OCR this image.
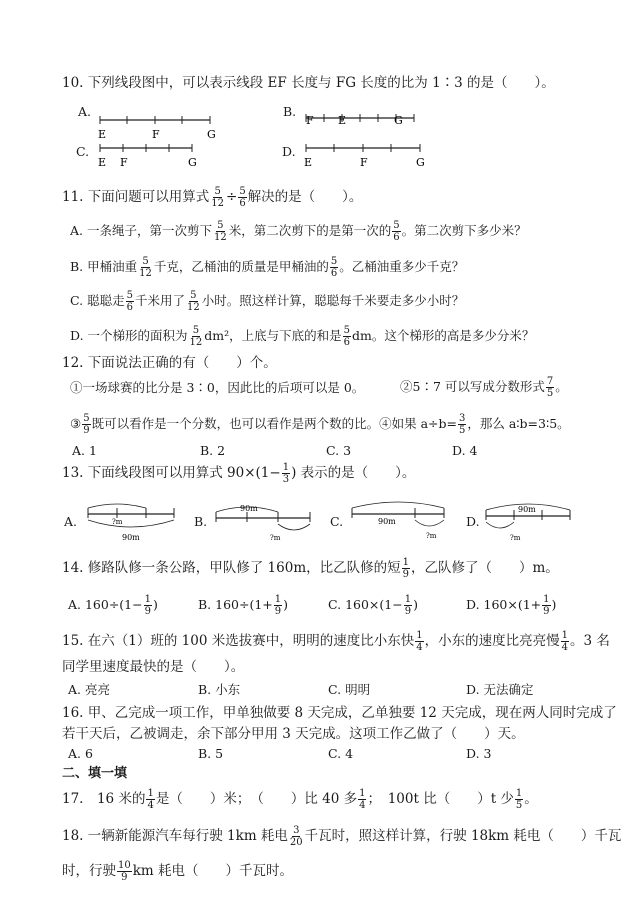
10. 下列线段图中，可以表示线段 EF 长度与 FG 长度的比为 1∶3 的是（　　）。
A.
E	F	G
B.
F E	G
C.
E F	G
D.
E	F	G
11. 下面问题可以用算式 $\frac{5}{12} \div \frac{5}{6}$ 解决的是（　　）。
A. 一条绳子，第一次剪下 $\frac{5}{12}$ 米，第二次剪下的是第一次的 $\frac{5}{6}$ 。第二次剪下多少米？
B. 甲桶油重 $\frac{5}{12}$ 千克，乙桶油的质量是甲桶油的 $\frac{5}{6}$ 。乙桶油重多少千克？
C. 聪聪走 $\frac{5}{6}$ 千米用了 $\frac{5}{12}$ 小时。照这样计算，聪聪每千米要走多少小时？
D. 一个梯形的面积为 $\frac{5}{12} dm^2$，上底与下底的和是 $\frac{5}{6}$ dm。这个梯形的高是多少分米？
12. 下面说法正确的有（　　）个。
①一场球赛的比分是 3∶0，因此比的后项可以是 0。	②5∶7 可以写成分数形式 $\frac{7}{5}$ 。
③ $\frac{5}{9}$ 既可以看作是一个分数，也可以看作是两个数的比。④如果 $a\div b= \frac{3}{5}$ ，那么 a∶b=3∶5。
A. 1	B. 2	C. 3	D. 4
13. 下面线段图可以用算式 $90\times(1- \frac{1}{3}$ ) 表示的是（　　）。
A.	?m
90m
B.
90m
?m
C.	90m
?m
D.
90m
?m
14. 修路队修一条公路，甲队修了 160m，比乙队修的短 $\frac{1}{9}$ ，乙队修了（　　）m。
A. $160\div(1- \frac{1}{9}$ )	B. $160\div(1+ \frac{1}{9}$ )	C. $160\times(1- \frac{1}{9}$ )	D. $160\times(1+ \frac{1}{9}$ )
15. 在六（1）班的 100 米选拔赛中，明明的速度比小东快 $\frac{1}{4}$ ，小东的速度比亮亮慢 $\frac{1}{4}$ 。3 名
同学里速度最快的是（　　）。
A. 亮亮	B. 小东	C. 明明	D. 无法确定
16. 甲、乙完成一项工作，甲单独做要 8 天完成，乙单独要 12 天完成，现在两人同时完成了
若干天后，乙被调走，余下部分甲用 3 天完成。这项工作乙做了（　　）天。
A. 6	B. 5	C. 4	D. 3
二、填一填
17.　16 米的 $\frac{1}{4}$ 是（　　）米；　（　　）比 40 多 $\frac{1}{4}$ ；　100t 比（　　）t 少 $\frac{1}{5}$ 。
18. 一辆新能源汽车每行驶 1km 耗电 $\frac{3}{20}$ 千瓦时，照这样计算，行驶 18km 耗电（　　）千瓦
时，行驶 $\frac{10}{9}$ km 耗电（　　）千瓦时。
